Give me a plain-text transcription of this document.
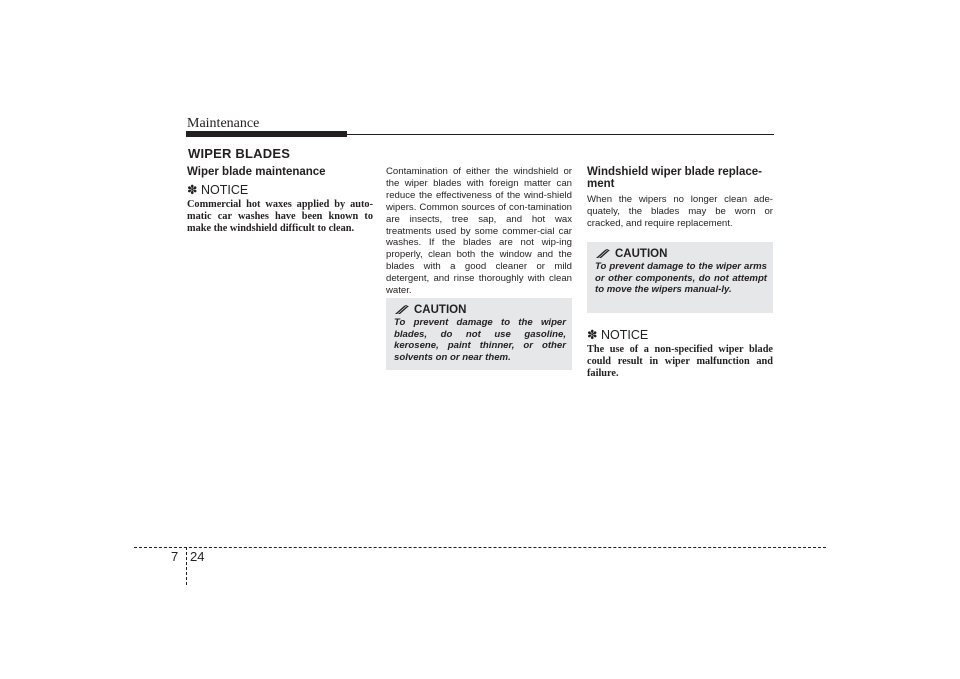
Maintenance
WIPER BLADES
Wiper blade maintenance
✽ NOTICE
Commercial hot waxes applied by auto-matic car washes have been known to make the windshield difficult to clean.
Contamination of either the windshield or the wiper blades with foreign matter can reduce the effectiveness of the wind-shield wipers. Common sources of con-tamination are insects, tree sap, and hot wax treatments used by some commer-cial car washes. If the blades are not wip-ing properly, clean both the window and the blades with a good cleaner or mild detergent, and rinse thoroughly with clean water.
CAUTION
To prevent damage to the wiper blades, do not use gasoline, kerosene, paint thinner, or other solvents on or near them.
Windshield wiper blade replace-ment
When the wipers no longer clean ade-quately, the blades may be worn or cracked, and require replacement.
CAUTION
To prevent damage to the wiper arms or other components, do not attempt to move the wipers manual-ly.
✽ NOTICE
The use of a non-specified wiper blade could result in wiper malfunction and failure.
7 24
